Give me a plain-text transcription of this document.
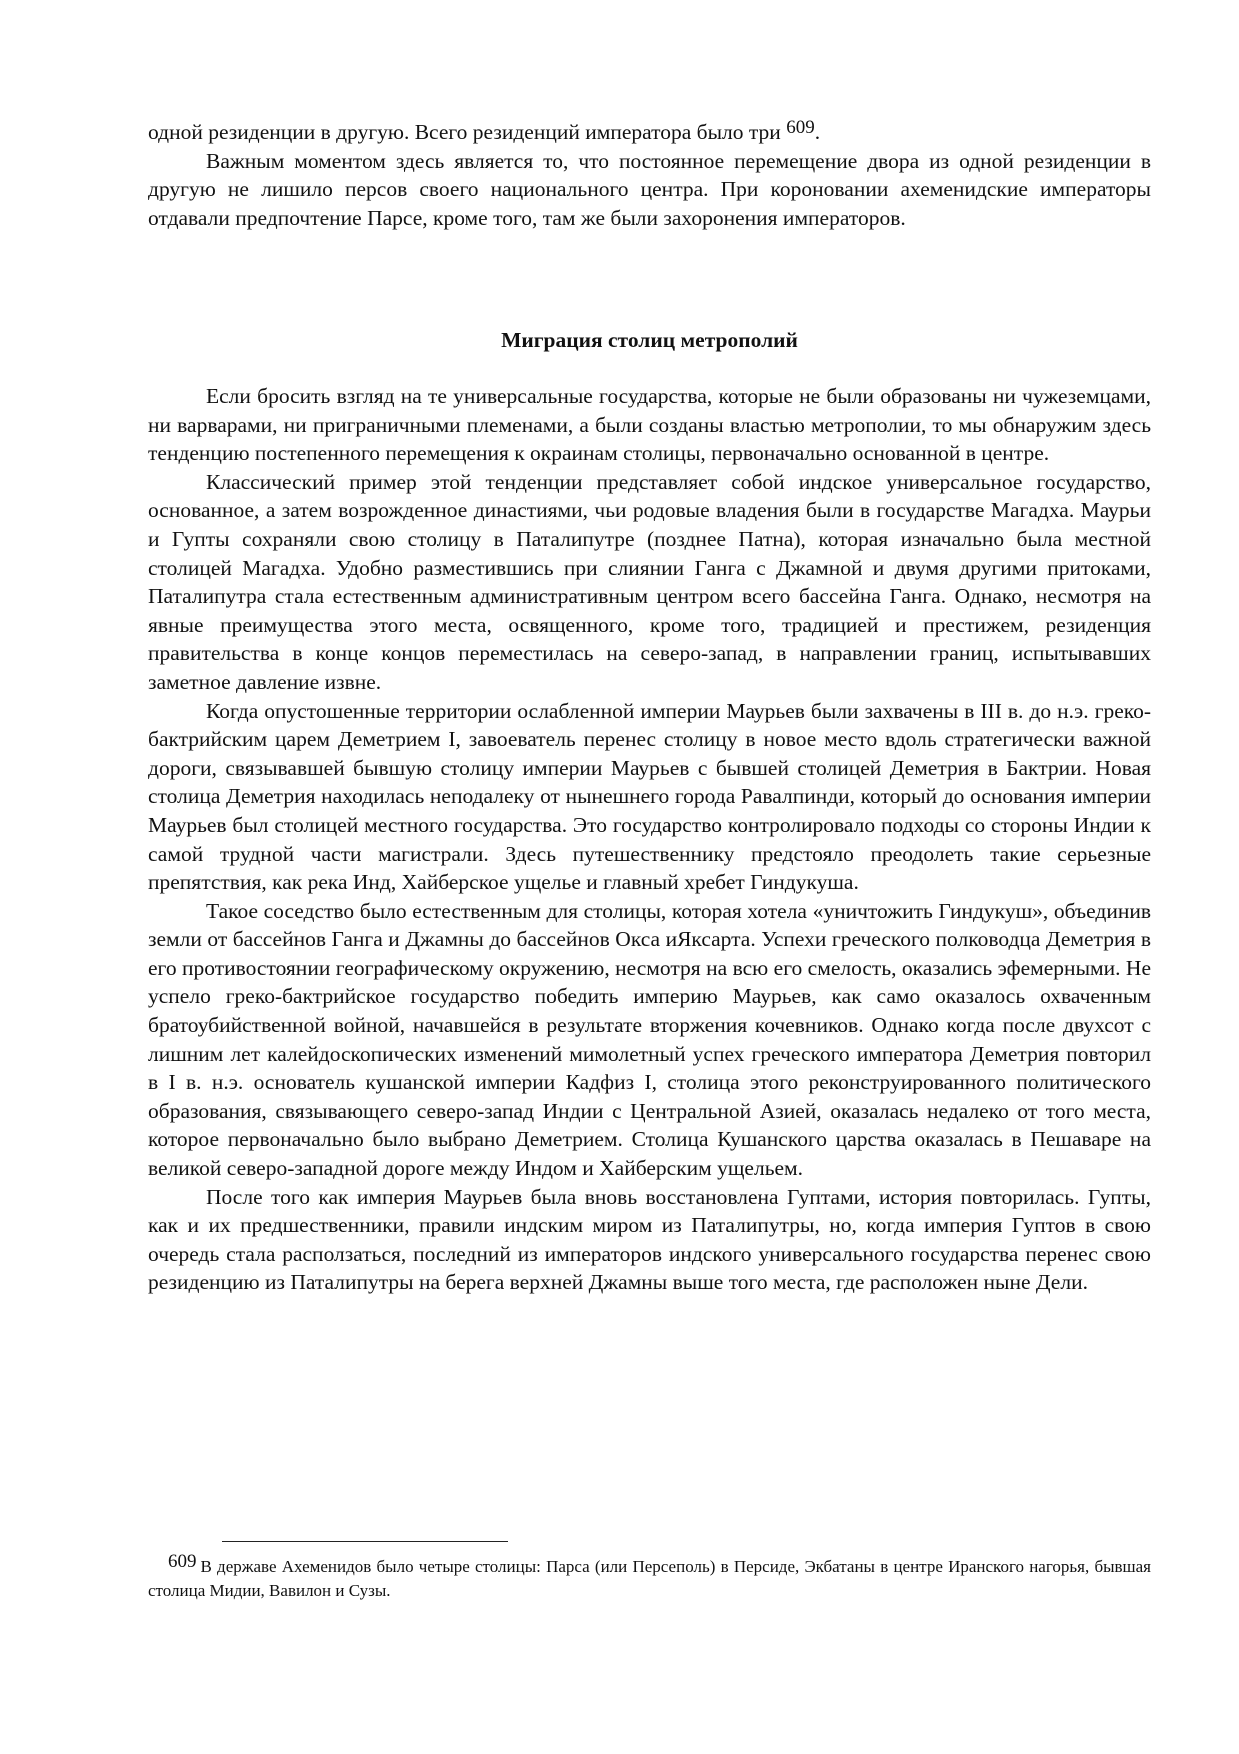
одной резиденции в другую. Всего резиденций императора было три $^{609}$.

Важным моментом здесь является то, что постоянное перемещение двора из одной резиденции в другую не лишило персов своего национального центра. При короновании ахеменидские императоры отдавали предпочтение Парсе, кроме того, там же были захоронения императоров.

Миграция столиц метрополий

Если бросить взгляд на те универсальные государства, которые не были образованы ни чужеземцами, ни варварами, ни приграничными племенами, а были созданы властью метрополии, то мы обнаружим здесь тенденцию постепенного перемещения к окраинам столицы, первоначально основанной в центре.

Классический пример этой тенденции представляет собой индское универсальное государство, основанное, а затем возрожденное династиями, чьи родовые владения были в государстве Магадха. Маурьи и Гупты сохраняли свою столицу в Паталипутре (позднее Патна), которая изначально была местной столицей Магадха. Удобно разместившись при слиянии Ганга с Джамной и двумя другими притоками, Паталипутра стала естественным административным центром всего бассейна Ганга. Однако, несмотря на явные преимущества этого места, освященного, кроме того, традицией и престижем, резиденция правительства в конце концов переместилась на северо-запад, в направлении границ, испытывавших заметное давление извне.

Когда опустошенные территории ослабленной империи Маурьев были захвачены в III в. до н.э. греко-бактрийским царем Деметрием I, завоеватель перенес столицу в новое место вдоль стратегически важной дороги, связывавшей бывшую столицу империи Маурьев с бывшей столицей Деметрия в Бактрии. Новая столица Деметрия находилась неподалеку от нынешнего города Равалпинди, который до основания империи Маурьев был столицей местного государства. Это государство контролировало подходы со стороны Индии к самой трудной части магистрали. Здесь путешественнику предстояло преодолеть такие серьезные препятствия, как река Инд, Хайберское ущелье и главный хребет Гиндукуша.

Такое соседство было естественным для столицы, которая хотела «уничтожить Гиндукуш», объединив земли от бассейнов Ганга и Джамны до бассейнов Окса иЯксарта. Успехи греческого полководца Деметрия в его противостоянии географическому окружению, несмотря на всю его смелость, оказались эфемерными. Не успело греко-бактрийское государство победить империю Маурьев, как само оказалось охваченным братоубийственной войной, начавшейся в результате вторжения кочевников. Однако когда после двухсот с лишним лет калейдоскопических изменений мимолетный успех греческого императора Деметрия повторил в I в. н.э. основатель кушанской империи Кадфиз I, столица этого реконструированного политического образования, связывающего северо-запад Индии с Центральной Азией, оказалась недалеко от того места, которое первоначально было выбрано Деметрием. Столица Кушанского царства оказалась в Пешаваре на великой северо-западной дороге между Индом и Хайберским ущельем.

После того как империя Маурьев была вновь восстановлена Гуптами, история повторилась. Гупты, как и их предшественники, правили индским миром из Паталипутры, но, когда империя Гуптов в свою очередь стала расползаться, последний из императоров индского универсального государства перенес свою резиденцию из Паталипутры на берега верхней Джамны выше того места, где расположен ныне Дели.

609 В державе Ахеменидов было четыре столицы: Парса (или Персеполь) в Персиде, Экбатаны в центре Иранского нагорья, бывшая столица Мидии, Вавилон и Сузы.
